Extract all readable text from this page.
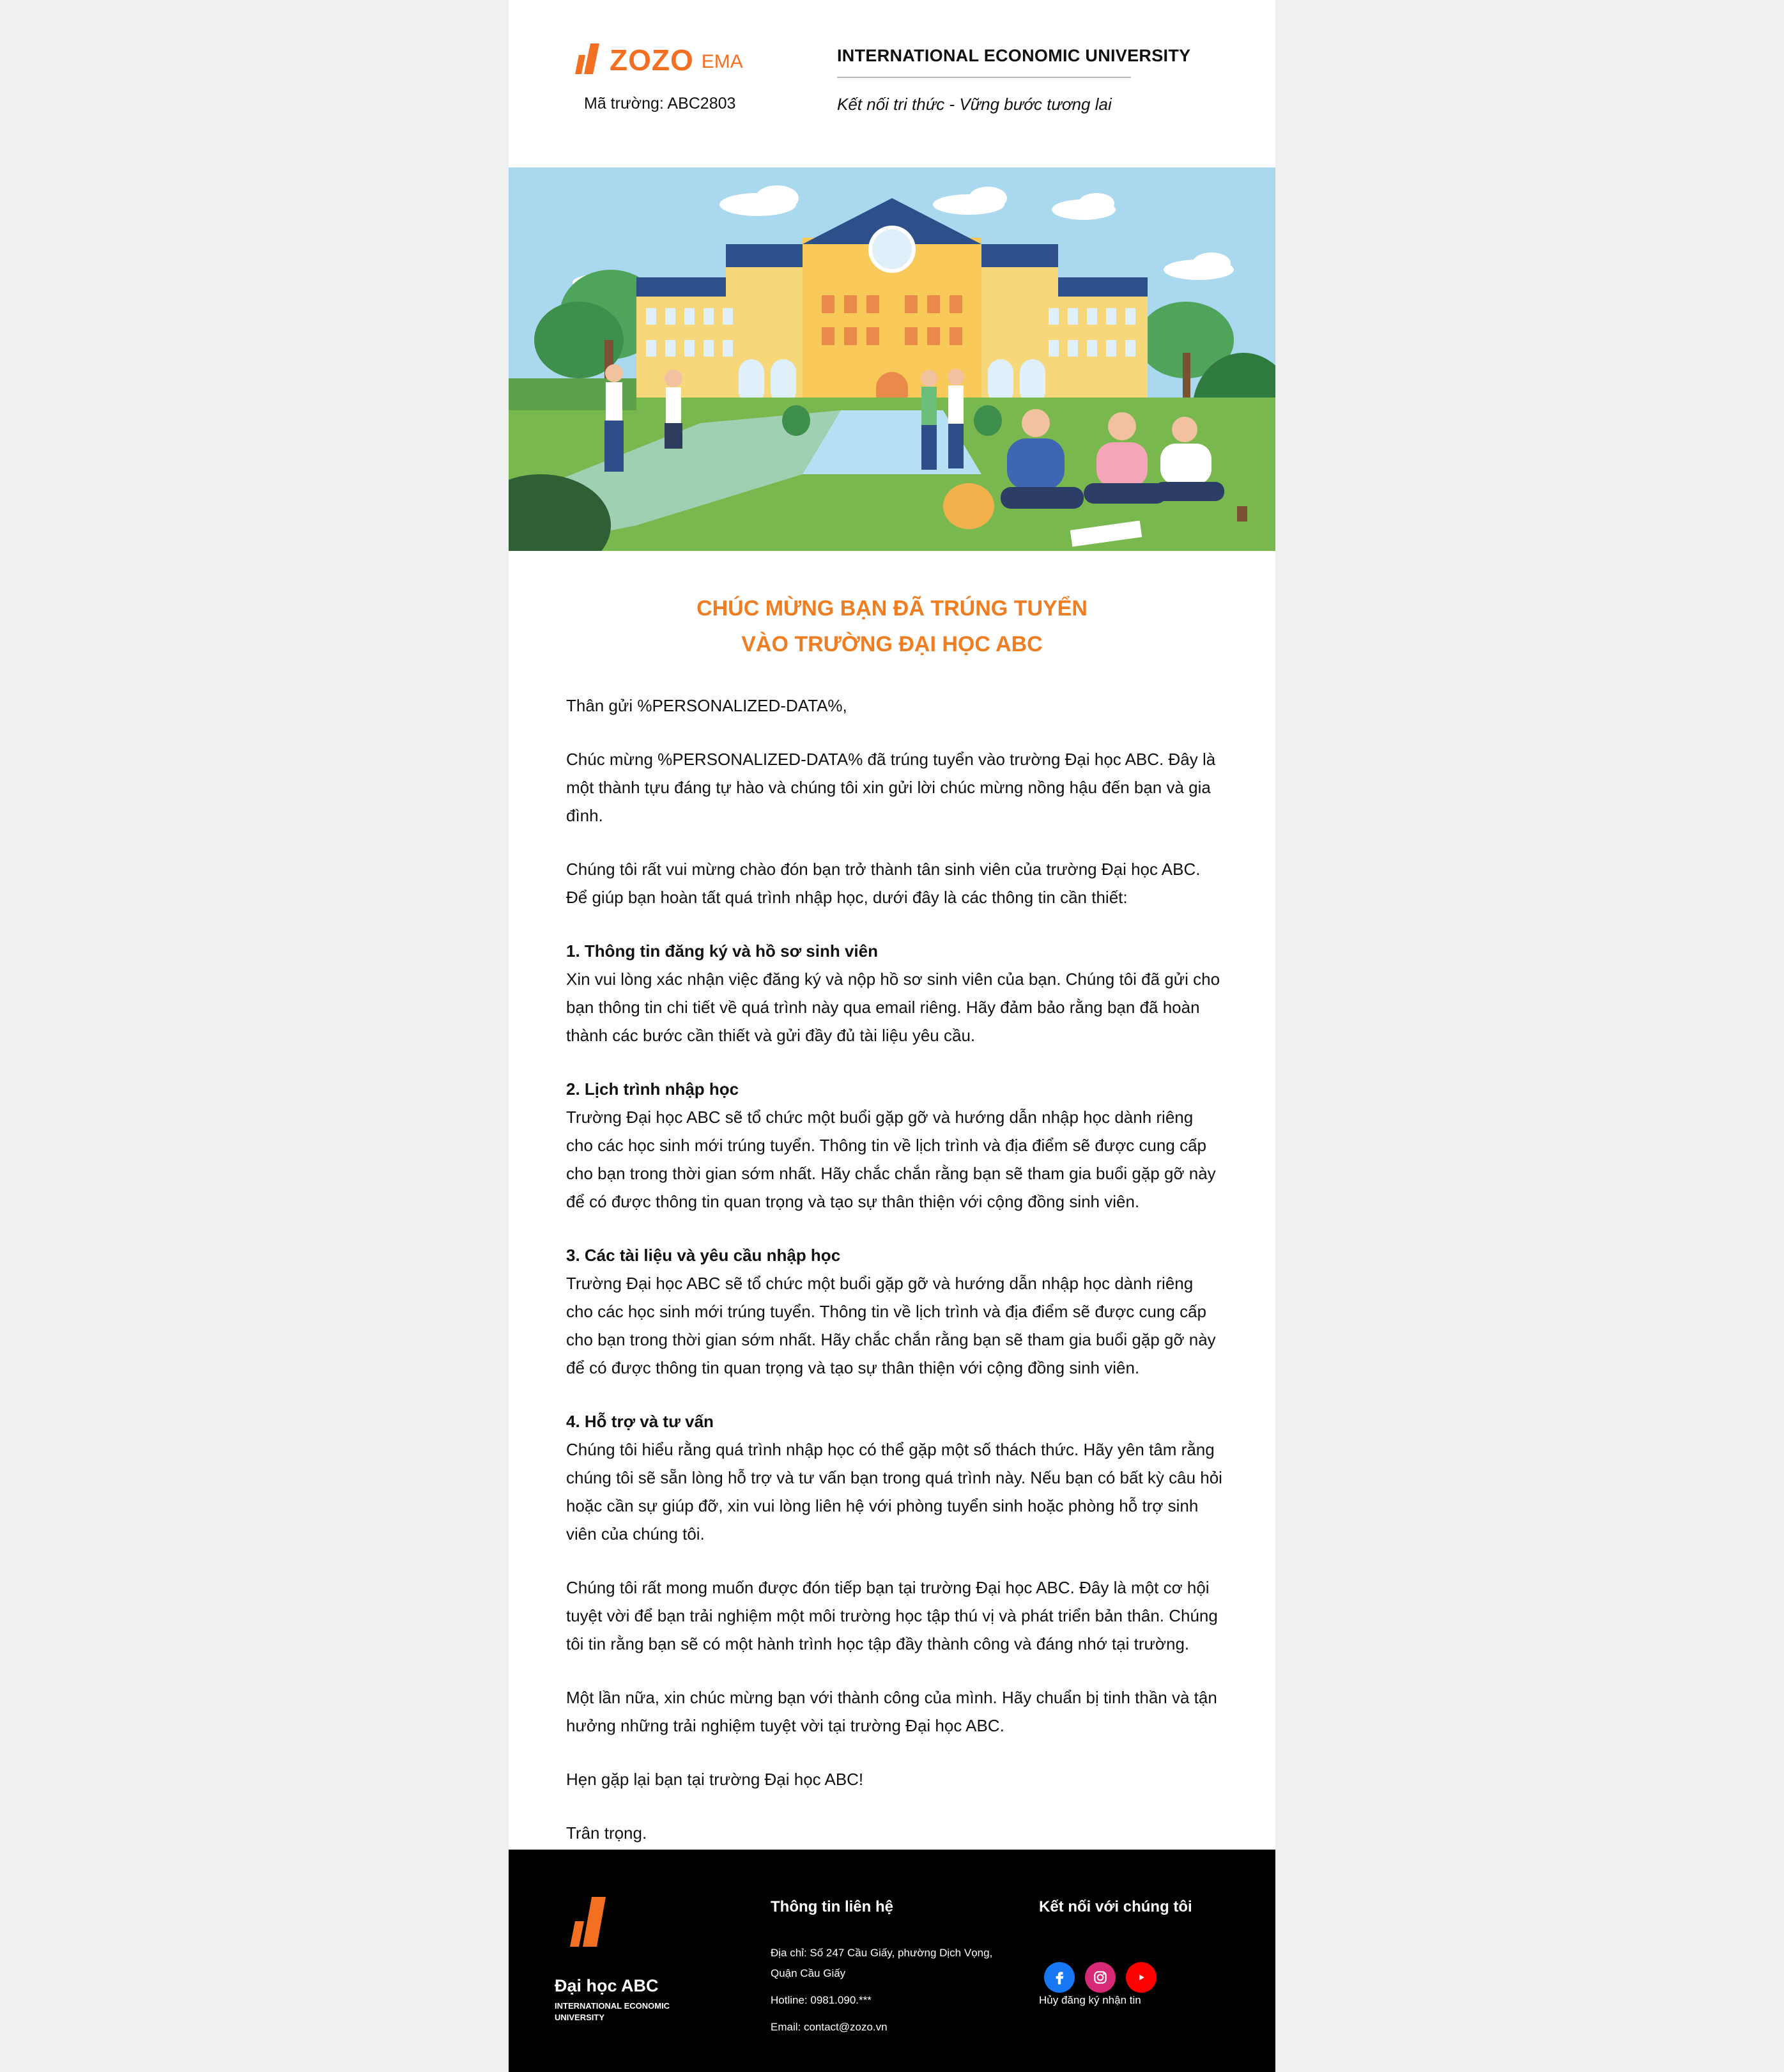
ZOZO EMA
Mã trường: ABC2803
INTERNATIONAL ECONOMIC UNIVERSITY
Kết nối tri thức - Vững bước tương lai
CHÚC MỪNG BẠN ĐÃ TRÚNG TUYỂN
VÀO TRƯỜNG ĐẠI HỌC ABC

Thân gửi %PERSONALIZED-DATA%,

Chúc mừng %PERSONALIZED-DATA% đã trúng tuyển vào trường Đại học ABC. Đây là một thành tựu đáng tự hào và chúng tôi xin gửi lời chúc mừng nồng hậu đến bạn và gia đình.

Chúng tôi rất vui mừng chào đón bạn trở thành tân sinh viên của trường Đại học ABC. Để giúp bạn hoàn tất quá trình nhập học, dưới đây là các thông tin cần thiết:

1. Thông tin đăng ký và hồ sơ sinh viên
Xin vui lòng xác nhận việc đăng ký và nộp hồ sơ sinh viên của bạn. Chúng tôi đã gửi cho bạn thông tin chi tiết về quá trình này qua email riêng. Hãy đảm bảo rằng bạn đã hoàn thành các bước cần thiết và gửi đầy đủ tài liệu yêu cầu.

2. Lịch trình nhập học
Trường Đại học ABC sẽ tổ chức một buổi gặp gỡ và hướng dẫn nhập học dành riêng cho các học sinh mới trúng tuyển. Thông tin về lịch trình và địa điểm sẽ được cung cấp cho bạn trong thời gian sớm nhất. Hãy chắc chắn rằng bạn sẽ tham gia buổi gặp gỡ này để có được thông tin quan trọng và tạo sự thân thiện với cộng đồng sinh viên.

3. Các tài liệu và yêu cầu nhập học
Trường Đại học ABC sẽ tổ chức một buổi gặp gỡ và hướng dẫn nhập học dành riêng cho các học sinh mới trúng tuyển. Thông tin về lịch trình và địa điểm sẽ được cung cấp cho bạn trong thời gian sớm nhất. Hãy chắc chắn rằng bạn sẽ tham gia buổi gặp gỡ này để có được thông tin quan trọng và tạo sự thân thiện với cộng đồng sinh viên.

4. Hỗ trợ và tư vấn
Chúng tôi hiểu rằng quá trình nhập học có thể gặp một số thách thức. Hãy yên tâm rằng chúng tôi sẽ sẵn lòng hỗ trợ và tư vấn bạn trong quá trình này. Nếu bạn có bất kỳ câu hỏi hoặc cần sự giúp đỡ, xin vui lòng liên hệ với phòng tuyển sinh hoặc phòng hỗ trợ sinh viên của chúng tôi.

Chúng tôi rất mong muốn được đón tiếp bạn tại trường Đại học ABC. Đây là một cơ hội tuyệt vời để bạn trải nghiệm một môi trường học tập thú vị và phát triển bản thân. Chúng tôi tin rằng bạn sẽ có một hành trình học tập đầy thành công và đáng nhớ tại trường.

Một lần nữa, xin chúc mừng bạn với thành công của mình. Hãy chuẩn bị tinh thần và tận hưởng những trải nghiệm tuyệt vời tại trường Đại học ABC.

Hẹn gặp lại bạn tại trường Đại học ABC!

Trân trọng.

Đại học ABC
INTERNATIONAL ECONOMIC UNIVERSITY
Thông tin liên hệ
Địa chỉ: Số 247 Cầu Giấy, phường Dịch Vọng, Quận Cầu Giấy
Hotline: 0981.090.***
Email: contact@zozo.vn
Kết nối với chúng tôi
Hủy đăng ký nhận tin
